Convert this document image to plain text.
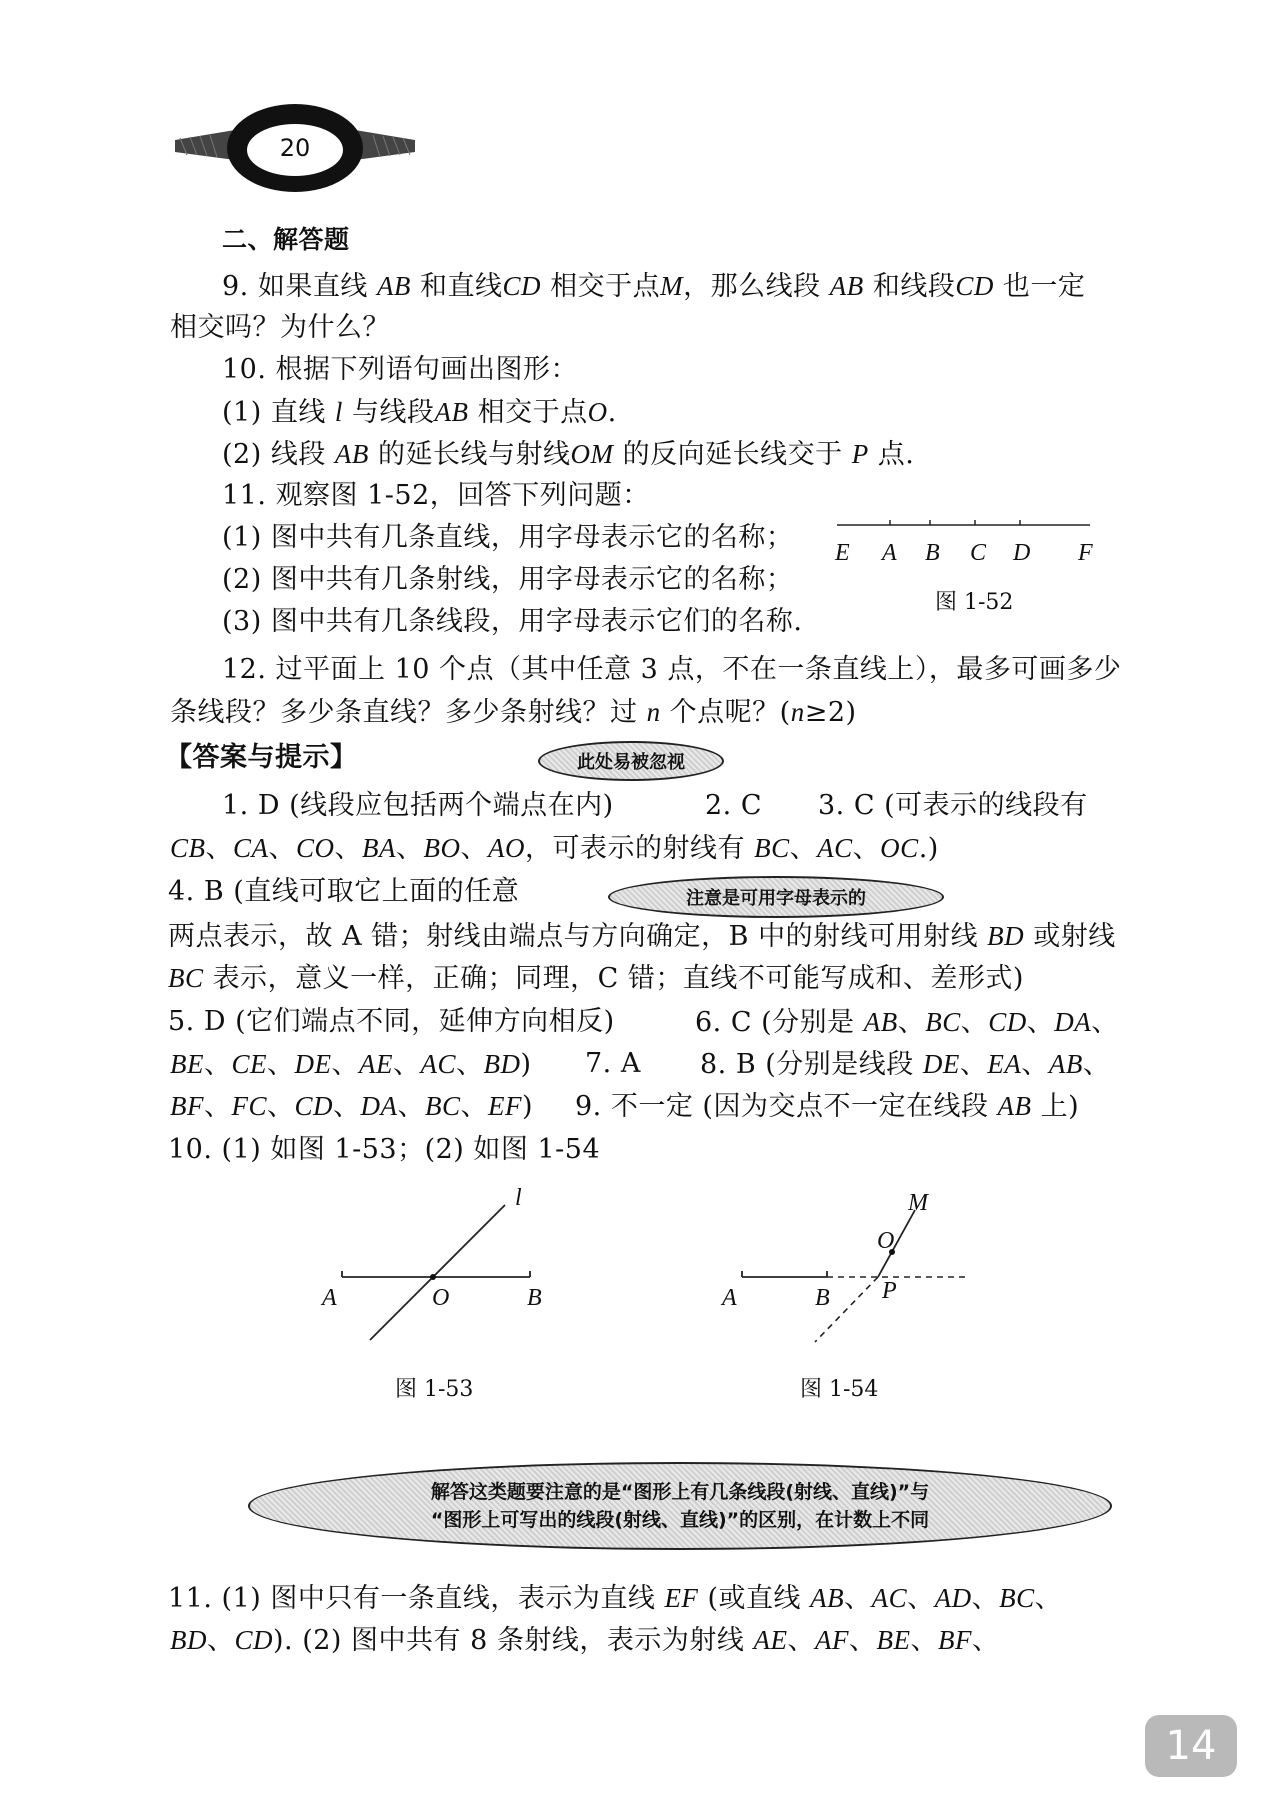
20
二、解答题
9. 如果直线 AB 和直线CD 相交于点M，那么线段 AB 和线段CD 也一定
相交吗？为什么？
10. 根据下列语句画出图形：
(1) 直线 l 与线段AB 相交于点O.
(2) 线段 AB 的延长线与射线OM 的反向延长线交于 P 点.
11. 观察图 1-52，回答下列问题：
(1) 图中共有几条直线，用字母表示它的名称；
(2) 图中共有几条射线，用字母表示它的名称；
(3) 图中共有几条线段，用字母表示它们的名称.
E A B C D F
图 1-52
12. 过平面上 10 个点（其中任意 3 点，不在一条直线上），最多可画多少
条线段？多少条直线？多少条射线？过 n 个点呢？(n≥2)
【答案与提示】	此处易被忽视
1. D (线段应包括两个端点在内)	2. C 3. C (可表示的线段有
CB、CA、CO、BA、BO、AO，可表示的射线有 BC、AC、OC.)
4. B (直线可取它上面的任意	注意是可用字母表示的
两点表示，故 A 错；射线由端点与方向确定，B 中的射线可用射线 BD 或射线
BC 表示，意义一样，正确；同理，C 错；直线不可能写成和、差形式)
5. D (它们端点不同，延伸方向相反)	6. C (分别是 AB、BC、CD、DA、
BE、CE、DE、AE、AC、BD) 7. A 8. B (分别是线段 DE、EA、AB、
BF、FC、CD、DA、BC、EF) 9. 不一定 (因为交点不一定在线段 AB 上)
10. (1) 如图 1-53；(2) 如图 1-54
l
A	O	B
图 1-53
M
O
A	B P
图 1-54
解答这类题要注意的是“图形上有几条线段(射线、直线)”与
“图形上可写出的线段(射线、直线)”的区别，在计数上不同
11. (1) 图中只有一条直线，表示为直线 EF (或直线 AB、AC、AD、BC、
BD、CD). (2) 图中共有 8 条射线，表示为射线 AE、AF、BE、BF、
14
